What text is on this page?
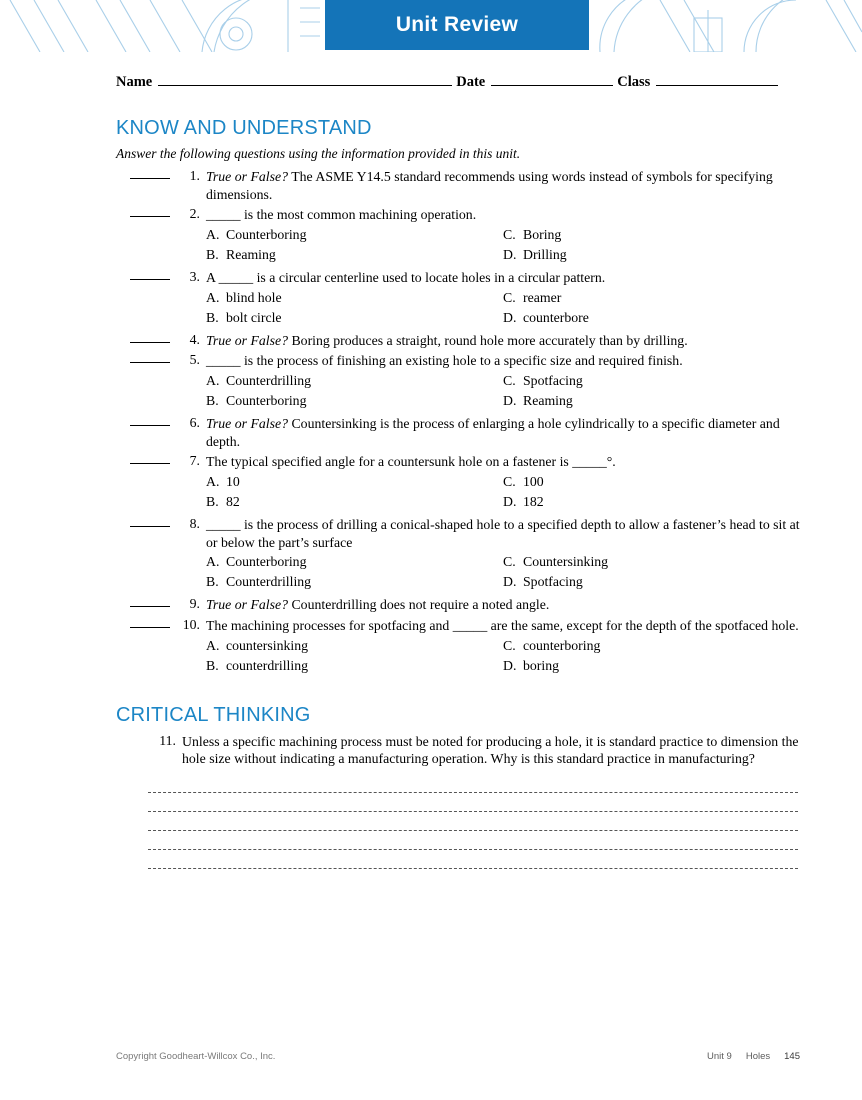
Unit Review
Name	Date	Class
KNOW AND UNDERSTAND

Answer the following questions using the information provided in this unit.

1. True or False? The ASME Y14.5 standard recommends using words instead of symbols for specifying dimensions.
2. _____ is the most common machining operation.
A. Counterboring
B. Reaming
C. Boring
D. Drilling
3. A _____ is a circular centerline used to locate holes in a circular pattern.
A. blind hole
B. bolt circle
C. reamer
D. counterbore
4. True or False? Boring produces a straight, round hole more accurately than by drilling.
5. _____ is the process of finishing an existing hole to a specific size and required finish.
A. Counterdrilling
B. Counterboring
C. Spotfacing
D. Reaming
6. True or False? Countersinking is the process of enlarging a hole cylindrically to a specific diameter and depth.
7. The typical specified angle for a countersunk hole on a fastener is _____°.
A. 10
B. 82
C. 100
D. 182
8. _____ is the process of drilling a conical-shaped hole to a specified depth to allow a fastener’s head to sit at or below the part’s surface
A. Counterboring
B. Counterdrilling
C. Countersinking
D. Spotfacing
9. True or False? Counterdrilling does not require a noted angle.
10. The machining processes for spotfacing and _____ are the same, except for the depth of the spotfaced hole.
A. countersinking
B. counterdrilling
C. counterboring
D. boring
CRITICAL THINKING
11. Unless a specific machining process must be noted for producing a hole, it is standard practice to dimension the hole size without indicating a manufacturing operation. Why is this standard practice in manufacturing?
Copyright Goodheart-Willcox Co., Inc.	Unit 9 Holes 145
